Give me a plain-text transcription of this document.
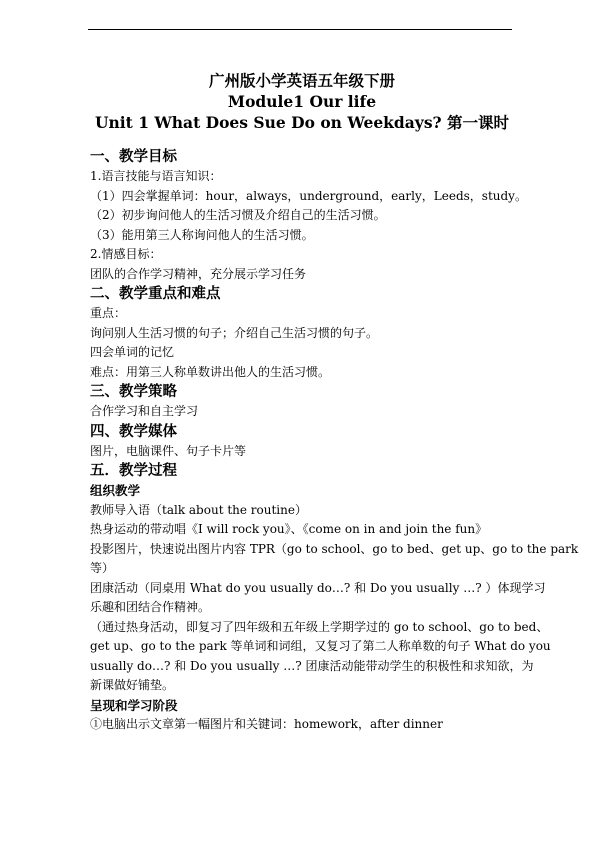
广州版小学英语五年级下册

Module1 Our life

Unit 1 What Does Sue Do on Weekdays? 第一课时

一、教学目标

1.语言技能与语言知识：

（1）四会掌握单词：hour，always，underground，early，Leeds，study。

（2）初步询问他人的生活习惯及介绍自己的生活习惯。

（3）能用第三人称询问他人的生活习惯。

2.情感目标：

团队的合作学习精神，充分展示学习任务

二、教学重点和难点

重点：

询问别人生活习惯的句子；介绍自己生活习惯的句子。

四会单词的记忆

难点：用第三人称单数讲出他人的生活习惯。

三、教学策略

合作学习和自主学习

四、教学媒体

图片，电脑课件、句子卡片等

五．教学过程

组织教学

教师导入语（talk about the routine）

热身运动的带动唱《I will rock you》、《come on in and join the fun》

投影图片，快速说出图片内容 TPR（go to school、go to bed、get up、go to the park

等）

团康活动（同桌用 What do you usually do…? 和 Do you usually …? ）体现学习

乐趣和团结合作精神。

（通过热身活动，即复习了四年级和五年级上学期学过的 go to school、go to bed、

get up、go to the park 等单词和词组，又复习了第二人称单数的句子 What do you

usually do…? 和 Do you usually …? 团康活动能带动学生的积极性和求知欲，为

新课做好铺垫。

呈现和学习阶段

①电脑出示文章第一幅图片和关键词：homework，after dinner
